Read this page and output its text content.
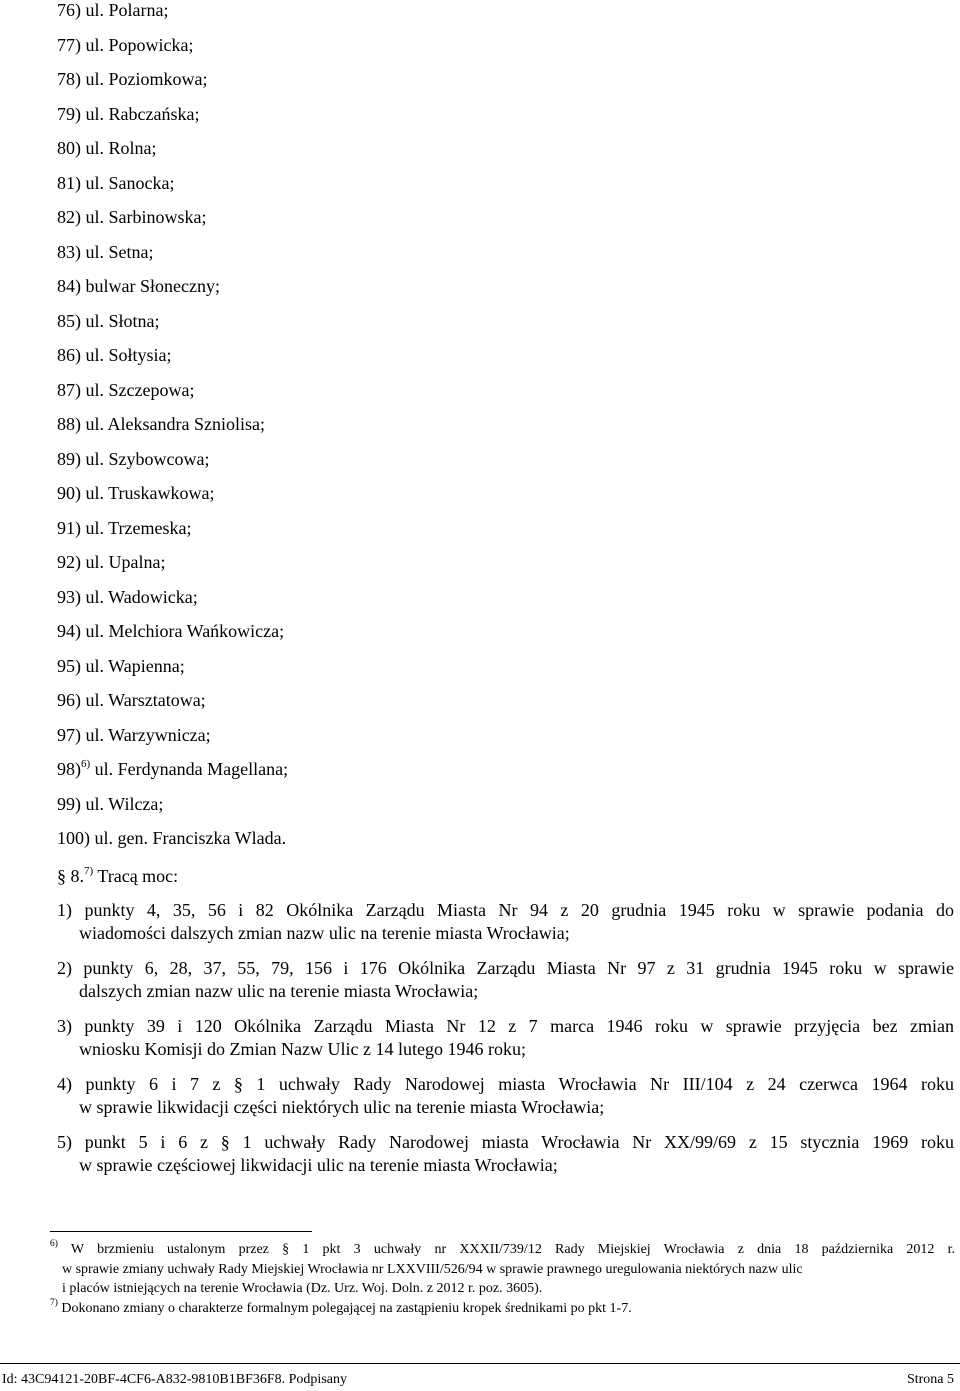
76) ul. Polarna;
77) ul. Popowicka;
78) ul. Poziomkowa;
79) ul. Rabczańska;
80) ul. Rolna;
81) ul. Sanocka;
82) ul. Sarbinowska;
83) ul. Setna;
84) bulwar Słoneczny;
85) ul. Słotna;
86) ul. Sołtysia;
87) ul. Szczepowa;
88) ul. Aleksandra Szniolisa;
89) ul. Szybowcowa;
90) ul. Truskawkowa;
91) ul. Trzemeska;
92) ul. Upalna;
93) ul. Wadowicka;
94) ul. Melchiora Wańkowicza;
95) ul. Wapienna;
96) ul. Warsztatowa;
97) ul. Warzywnicza;
98)$^{6)}$ ul. Ferdynanda Magellana;
99) ul. Wilcza;
100) ul. gen. Franciszka Wlada.
§ 8.$^{7)}$ Tracą moc:
1) punkty 4, 35, 56 i 82 Okólnika Zarządu Miasta Nr 94 z 20 grudnia 1945 roku w sprawie podania do
wiadomości dalszych zmian nazw ulic na terenie miasta Wrocławia;
2) punkty 6, 28, 37, 55, 79, 156 i 176 Okólnika Zarządu Miasta Nr 97 z 31 grudnia 1945 roku w sprawie
dalszych zmian nazw ulic na terenie miasta Wrocławia;
3) punkty 39 i 120 Okólnika Zarządu Miasta Nr 12 z 7 marca 1946 roku w sprawie przyjęcia bez zmian
wniosku Komisji do Zmian Nazw Ulic z 14 lutego 1946 roku;
4) punkty 6 i 7 z § 1 uchwały Rady Narodowej miasta Wrocławia Nr III/104 z 24 czerwca 1964 roku
w sprawie likwidacji części niektórych ulic na terenie miasta Wrocławia;
5) punkt 5 i 6 z § 1 uchwały Rady Narodowej miasta Wrocławia Nr XX/99/69 z 15 stycznia 1969 roku
w sprawie częściowej likwidacji ulic na terenie miasta Wrocławia;
$^{6)}$ W brzmieniu ustalonym przez § 1 pkt 3 uchwały nr XXXII/739/12 Rady Miejskiej Wrocławia z dnia 18 października 2012 r.
w sprawie zmiany uchwały Rady Miejskiej Wrocławia nr LXXVIII/526/94 w sprawie prawnego uregulowania niektórych nazw ulic
i placów istniejących na terenie Wrocławia (Dz. Urz. Woj. Doln. z 2012 r. poz. 3605).
$^{7)}$ Dokonano zmiany o charakterze formalnym polegającej na zastąpieniu kropek średnikami po pkt 1-7.
Id: 43C94121-20BF-4CF6-A832-9810B1BF36F8. Podpisany	Strona 5
